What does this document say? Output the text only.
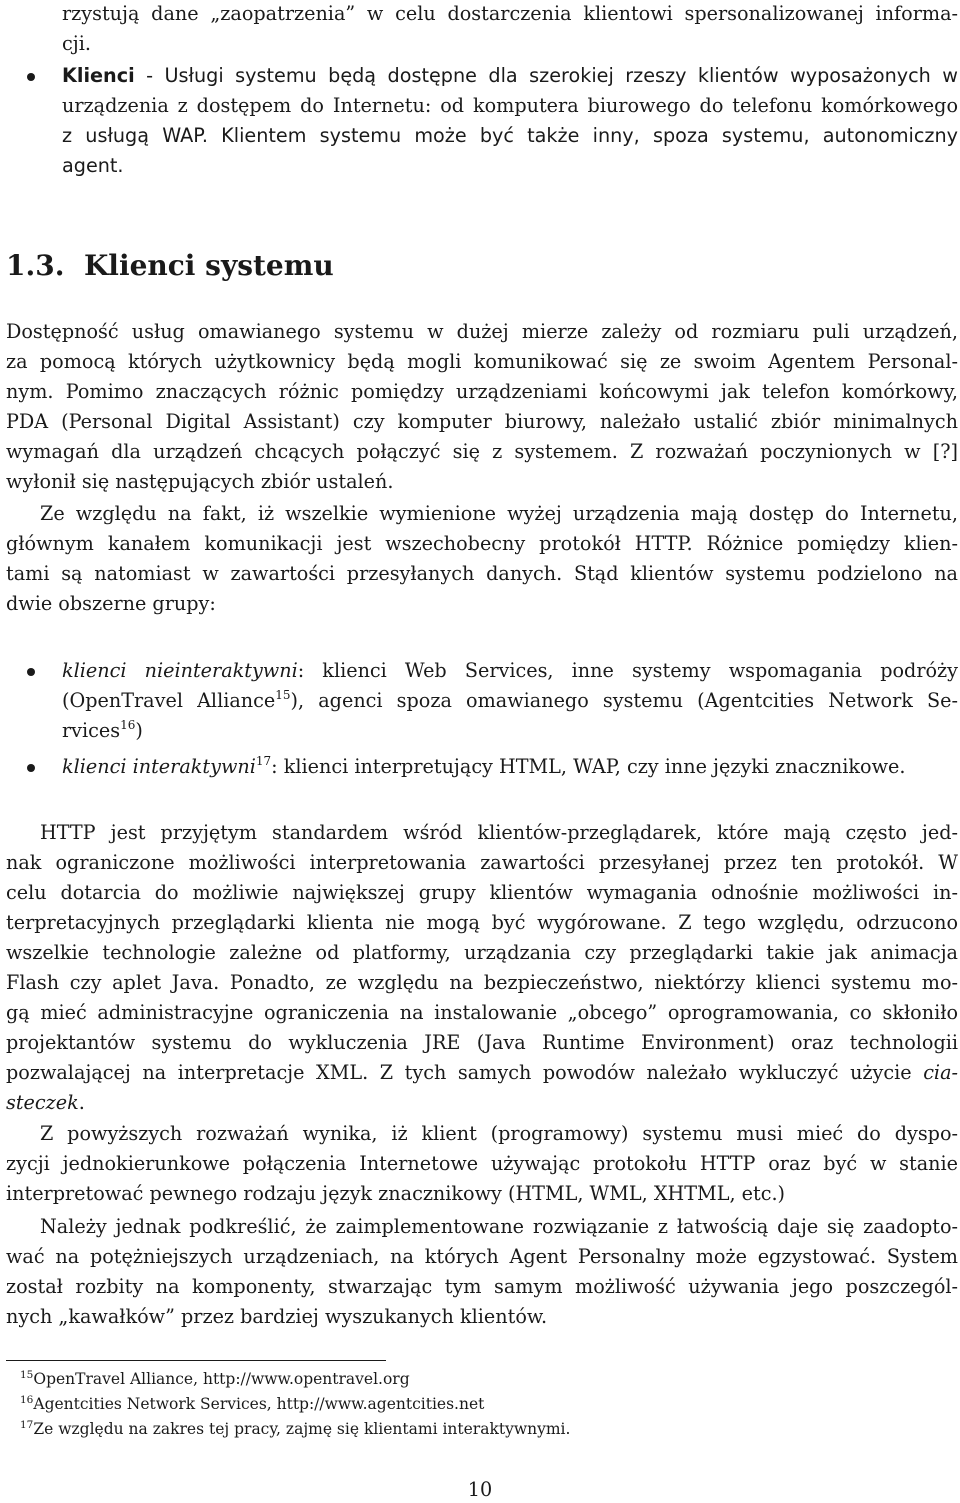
rzystują dane „zaopatrzenia” w celu dostarczenia klientowi spersonalizowanej informa-
cji.
Klienci - Usługi systemu będą dostępne dla szerokiej rzeszy klientów wyposażonych w
urządzenia z dostępem do Internetu: od komputera biurowego do telefonu komórkowego
z usługą WAP. Klientem systemu może być także inny, spoza systemu, autonomiczny
agent.
1.3. Klienci systemu
Dostępność usług omawianego systemu w dużej mierze zależy od rozmiaru puli urządzeń,
za pomocą których użytkownicy będą mogli komunikować się ze swoim Agentem Personal-
nym. Pomimo znaczących różnic pomiędzy urządzeniami końcowymi jak telefon komórkowy,
PDA (Personal Digital Assistant) czy komputer biurowy, należało ustalić zbiór minimalnych
wymagań dla urządzeń chcących połączyć się z systemem. Z rozważań poczynionych w [?]
wyłonił się następujących zbiór ustaleń.
Ze względu na fakt, iż wszelkie wymienione wyżej urządzenia mają dostęp do Internetu,
głównym kanałem komunikacji jest wszechobecny protokół HTTP. Różnice pomiędzy klien-
tami są natomiast w zawartości przesyłanych danych. Stąd klientów systemu podzielono na
dwie obszerne grupy:
klienci nieinteraktywni: klienci Web Services, inne systemy wspomagania podróży
(OpenTravel Alliance$^{15}$), agenci spoza omawianego systemu (Agentcities Network Se-
rvices$^{16}$)
klienci interaktywni$^{17}$: klienci interpretujący HTML, WAP, czy inne języki znacznikowe.
HTTP jest przyjętym standardem wśród klientów-przeglądarek, które mają często jed-
nak ograniczone możliwości interpretowania zawartości przesyłanej przez ten protokół. W
celu dotarcia do możliwie największej grupy klientów wymagania odnośnie możliwości in-
terpretacyjnych przeglądarki klienta nie mogą być wygórowane. Z tego względu, odrzucono
wszelkie technologie zależne od platformy, urządzania czy przeglądarki takie jak animacja
Flash czy aplet Java. Ponadto, ze względu na bezpieczeństwo, niektórzy klienci systemu mo-
gą mieć administracyjne ograniczenia na instalowanie „obcego” oprogramowania, co skłoniło
projektantów systemu do wykluczenia JRE (Java Runtime Environment) oraz technologii
pozwalającej na interpretacje XML. Z tych samych powodów należało wykluczyć użycie cia-
steczek.
Z powyższych rozważań wynika, iż klient (programowy) systemu musi mieć do dyspo-
zycji jednokierunkowe połączenia Internetowe używając protokołu HTTP oraz być w stanie
interpretować pewnego rodzaju język znacznikowy (HTML, WML, XHTML, etc.)
Należy jednak podkreślić, że zaimplementowane rozwiązanie z łatwością daje się zaadopto-
wać na potężniejszych urządzeniach, na których Agent Personalny może egzystować. System
został rozbity na komponenty, stwarzając tym samym możliwość używania jego poszczegól-
nych „kawałków” przez bardziej wyszukanych klientów.
$^{15}$OpenTravel Alliance, http://www.opentravel.org
$^{16}$Agentcities Network Services, http://www.agentcities.net
$^{17}$Ze względu na zakres tej pracy, zajmę się klientami interaktywnymi.
10
